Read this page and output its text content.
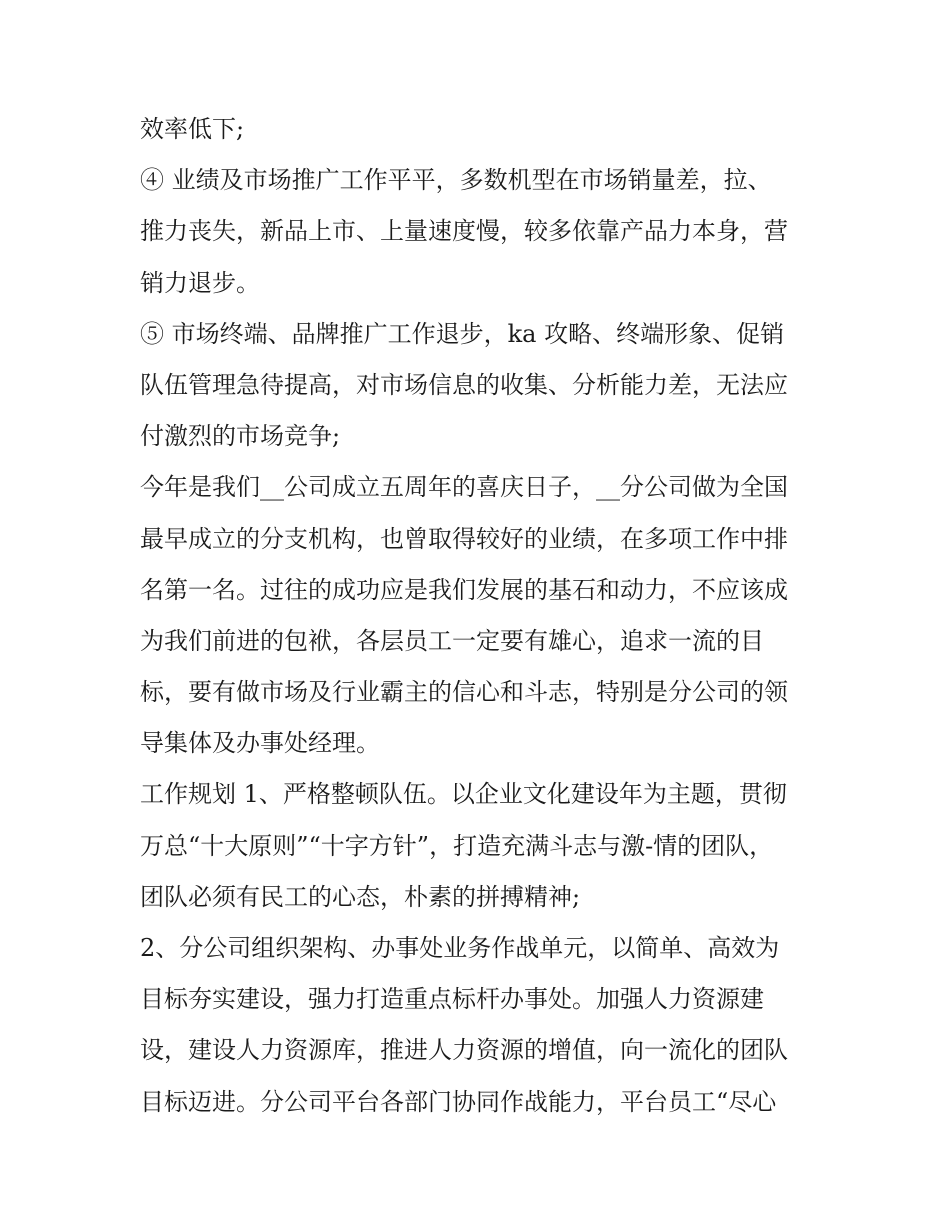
效率低下;
④ 业绩及市场推广工作平平，多数机型在市场销量差，拉、
推力丧失，新品上市、上量速度慢，较多依靠产品力本身，营
销力退步。
⑤ 市场终端、品牌推广工作退步，ka 攻略、终端形象、促销
队伍管理急待提高，对市场信息的收集、分析能力差，无法应
付激烈的市场竞争;
今年是我们__公司成立五周年的喜庆日子，__分公司做为全国
最早成立的分支机构，也曾取得较好的业绩，在多项工作中排
名第一名。过往的成功应是我们发展的基石和动力，不应该成
为我们前进的包袱，各层员工一定要有雄心，追求一流的目
标，要有做市场及行业霸主的信心和斗志，特别是分公司的领
导集体及办事处经理。
工作规划 1、严格整顿队伍。以企业文化建设年为主题，贯彻
万总“十大原则”“十字方针”，打造充满斗志与激-情的团队，
团队必须有民工的心态，朴素的拼搏精神;
2、分公司组织架构、办事处业务作战单元，以简单、高效为
目标夯实建设，强力打造重点标杆办事处。加强人力资源建
设，建设人力资源库，推进人力资源的增值，向一流化的团队
目标迈进。分公司平台各部门协同作战能力，平台员工“尽心
